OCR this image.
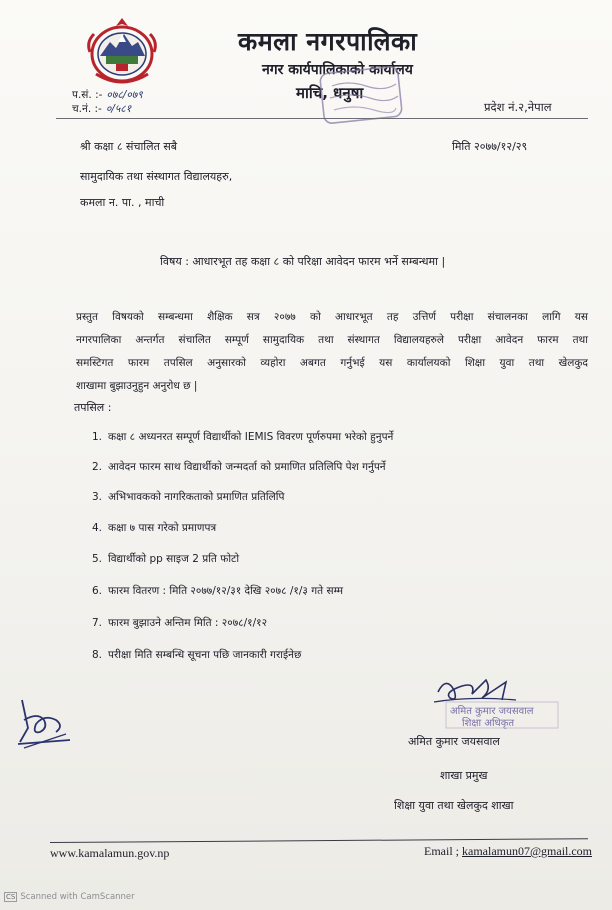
कमला नगरपालिका
नगर कार्यपालिकाको कार्यालय
माचि, धनुषा
प.सं. :- ०७८/०७९
च.नं. :- ०/५८१	प्रदेश नं.२,नेपाल
श्री कक्षा ८ संचालित सबै	मिति २०७७/१२/२९
सामुदायिक तथा संस्थागत विद्यालयहरु,
कमला न. पा. , माची
विषय : आधारभूत तह कक्षा ८ को परिक्षा आवेदन फारम भर्ने सम्बन्धमा |
प्रस्तुत विषयको सम्बन्धमा शैक्षिक सत्र २०७७ को आधारभूत तह उत्तिर्ण परीक्षा संचालनका लागि यस
नगरपालिका अन्तर्गत संचालित सम्पूर्ण सामुदायिक तथा संस्थागत विद्यालयहरुले परीक्षा आवेदन फारम तथा
समस्टिगत फारम तपसिल अनुसारको व्यहोरा अबगत गर्नुभई यस कार्यालयको शिक्षा युवा तथा खेलकुद
शाखामा बुझाउनुहुन अनुरोध छ |
तपसिल :
1. कक्षा ८ अध्यनरत सम्पूर्ण विद्यार्थीको IEMIS विवरण पूर्णरुपमा भरेको हुनुपर्ने
2. आवेदन फारम साथ विद्यार्थीको जन्मदर्ता को प्रमाणित प्रतिलिपि पेश गर्नुपर्ने
3. अभिभावकको नागरिकताको प्रमाणित प्रतिलिपि
4. कक्षा ७ पास गरेको प्रमाणपत्र
5. विद्यार्थीको pp साइज 2 प्रति फोटो
6. फारम वितरण : मिति २०७७/१२/३१ देखि २०७८ /१/३ गते सम्म
7. फारम बुझाउने अन्तिम मिति : २०७८/१/१२
8. परीक्षा मिति सम्बन्धि सूचना पछि जानकारी गराईनेछ
अमित कुमार जयसवाल
शिक्षा अधिकृत
अमित कुमार जयसवाल
शाखा प्रमुख
शिक्षा युवा तथा खेलकुद शाखा
www.kamalamun.gov.np	Email ; kamalamun07@gmail.com
CS Scanned with CamScanner
